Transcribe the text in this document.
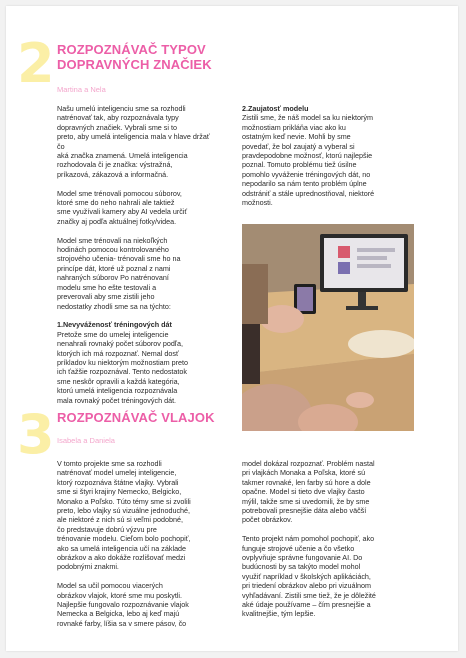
2 ROZPOZNÁVAČ TYPOV DOPRAVNÝCH ZNAČIEK
Martina a Nela

Našu umelú inteligenciu sme sa rozhodli
natrénovať tak, aby rozpoznávala typy
dopravných značiek. Vybrali sme si to
preto, aby umelá inteligencia mala v hlave držať čo
aká značka znamená. Umelá inteligencia
rozhodovala či je značka: výstražná,
príkazová, zákazová a informačná.

Model sme trénovali pomocou súborov,
ktoré sme do neho nahrali ale taktiež
sme využívali kamery aby AI vedela určiť
značky aj podľa aktuálnej fotky/videa.

Model sme trénovali na niekoľkých
hodinách pomocou kontrolovaného
strojového učenia- trénovali sme ho na
princípe dát, ktoré už poznal z nami
nahraných súborov Po natrénovaní
modelu sme ho ešte testovali a
preverovali aby sme zistili jeho
nedostatky zhodli sme sa na týchto:

1.Nevyváženosť tréningových dát
Pretože sme do umelej inteligencie
nenahrali rovnaký počet súborov podľa,
ktorých ich má rozpoznať. Nemal dosť
príkladov ku niektorým možnostiam preto
ich ťažšie rozpoznával. Tento nedostatok
sme neskôr opravili a každá kategória,
ktorú umelá inteligencia rozpoznávala
mala rovnaký počet tréningových dát.

2.Zaujatosť modelu
Zistili sme, že náš model sa ku niektorým
možnostiam prikláňa viac ako ku
ostatným keď nevie. Mohli by sme
povedať, že bol zaujatý a vyberal si
pravdepodobne možnosť, ktorú najlepšie
poznal. Tomuto problému tiež úsilne
pomohlo vyváženie tréningových dát, no
nepodarilo sa nám tento problém úplne
odstrániť a stále uprednostňoval, niektoré
možnosti.

3 ROZPOZNÁVAČ VLAJOK
Isabela a Daniela

V tomto projekte sme sa rozhodli
natrénovať model umelej inteligencie,
ktorý rozpoznáva štátne vlajky. Vybrali
sme si štyri krajiny Nemecko, Belgicko,
Monako a Poľsko. Túto témy sme si zvolili
preto, lebo vlajky sú vizuálne jednoduché,
ale niektoré z nich sú si veľmi podobné,
čo predstavuje dobrú výzvu pre
trénovanie modelu. Cieľom bolo pochopiť,
ako sa umelá inteligencia učí na základe
obrázkov a ako dokáže rozlišovať medzi
podobnými znakmi.

Model sa učil pomocou viacerých
obrázkov vlajok, ktoré sme mu poskytli.
Najlepšie fungovalo rozpoznávanie vlajok
Nemecka a Belgicka, lebo aj keď majú
rovnaké farby, líšia sa v smere pásov, čo

model dokázal rozpoznať. Problém nastal
pri vlajkách Monaka a Poľska, ktoré sú
takmer rovnaké, len farby sú hore a dole
opačne. Model si tieto dve vlajky často
mýlil, takže sme si uvedomili, že by sme
potrebovali presnejšie dáta alebo väčší
počet obrázkov.

Tento projekt nám pomohol pochopiť, ako
funguje strojové učenie a čo všetko
ovplyvňuje správne fungovanie AI. Do
budúcnosti by sa takýto model mohol
využiť napríklad v školských aplikáciách,
pri triedení obrázkov alebo pri vizuálnom
vyhľadávaní. Zistili sme tiež, že je dôležité
aké údaje používame – čím presnejšie a
kvalitnejšie, tým lepšie.
